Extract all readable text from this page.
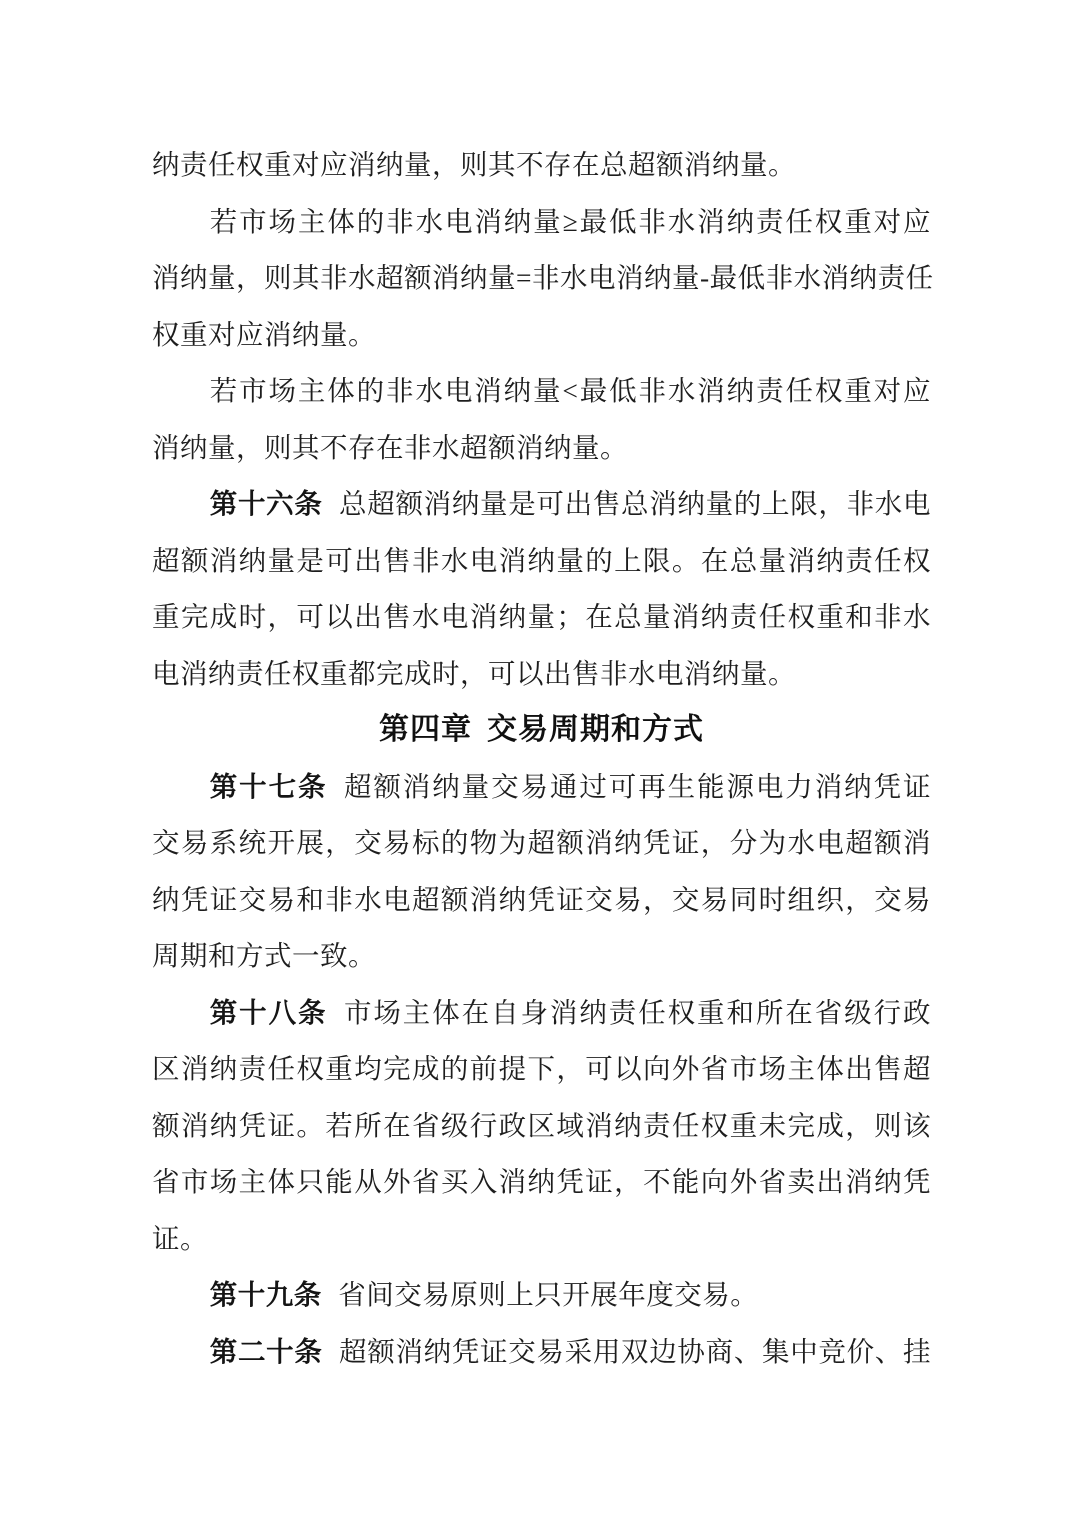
纳责任权重对应消纳量，则其不存在总超额消纳量。
若市场主体的非水电消纳量≥最低非水消纳责任权重对应
消纳量，则其非水超额消纳量=非水电消纳量-最低非水消纳责任
权重对应消纳量。
若市场主体的非水电消纳量<最低非水消纳责任权重对应
消纳量，则其不存在非水超额消纳量。
第十六条 总超额消纳量是可出售总消纳量的上限，非水电
超额消纳量是可出售非水电消纳量的上限。在总量消纳责任权
重完成时，可以出售水电消纳量；在总量消纳责任权重和非水
电消纳责任权重都完成时，可以出售非水电消纳量。
第四章 交易周期和方式
第十七条 超额消纳量交易通过可再生能源电力消纳凭证
交易系统开展，交易标的物为超额消纳凭证，分为水电超额消
纳凭证交易和非水电超额消纳凭证交易，交易同时组织，交易
周期和方式一致。
第十八条 市场主体在自身消纳责任权重和所在省级行政
区消纳责任权重均完成的前提下，可以向外省市场主体出售超
额消纳凭证。若所在省级行政区域消纳责任权重未完成，则该
省市场主体只能从外省买入消纳凭证，不能向外省卖出消纳凭
证。
第十九条 省间交易原则上只开展年度交易。
第二十条 超额消纳凭证交易采用双边协商、集中竞价、挂
